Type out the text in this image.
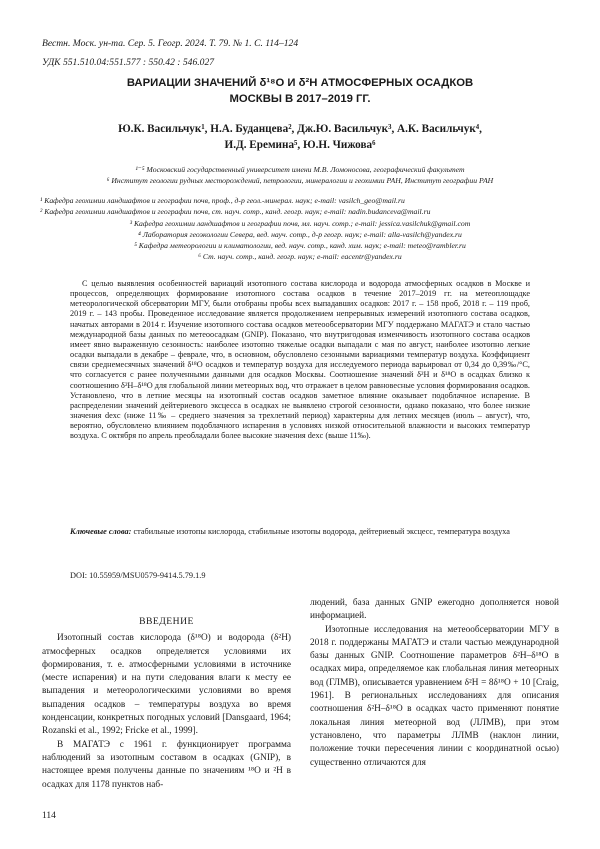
Вестн. Моск. ун-та. Сер. 5. Геогр. 2024. Т. 79. № 1. С. 114–124
УДК 551.510.04:551.577 : 550.42 : 546.027
ВАРИАЦИИ ЗНАЧЕНИЙ δ¹⁸O И δ²H АТМОСФЕРНЫХ ОСАДКОВ
МОСКВЫ В 2017–2019 ГГ.
Ю.К. Васильчук¹, Н.А. Буданцева², Дж.Ю. Васильчук³, А.К. Васильчук⁴,
И.Д. Еремина⁵, Ю.Н. Чижова⁶
¹⁻⁵ Московский государственный университет имени М.В. Ломоносова, географический факультет
⁶ Институт геологии рудных месторождений, петрологии, минералогии и геохимии РАН, Институт географии РАН
¹ Кафедра геохимии ландшафтов и географии почв, проф., д-р геол.-минерал. наук; e-mail: vasilch_geo@mail.ru
² Кафедра геохимии ландшафтов и географии почв, ст. науч. сотр., канд. геогр. наук; e-mail: nadin.budanceva@mail.ru
³ Кафедра геохимии ландшафтов и географии почв, мл. науч. сотр.; e-mail: jessica.vasilchuk@gmail.com
⁴ Лаборатория геоэкологии Севера, вед. науч. сотр., д-р геогр. наук; e-mail: alla-vasilch@yandex.ru
⁵ Кафедра метеорологии и климатологии, вед. науч. сотр., канд. хим. наук; e-mail: meteo@rambler.ru
⁶ Ст. науч. сотр., канд. геогр. наук; e-mail: eacentr@yandex.ru

С целью выявления особенностей вариаций изотопного состава кислорода и водорода атмосферных осадков в Москве и процессов, определяющих формирование изотопного состава осадков в течение 2017–2019 гг. на метеоплощадке метеорологической обсерватории МГУ, были отобраны пробы всех выпадавших осадков: 2017 г. – 158 проб, 2018 г. – 119 проб, 2019 г. – 143 пробы. Проведенное исследование является продолжением непрерывных измерений изотопного состава осадков, начатых авторами в 2014 г. Изучение изотопного состава осадков метеообсерватории МГУ поддержано МАГАТЭ и стало частью международной базы данных по метеоосадкам (GNIP). Показано, что внутригодовая изменчивость изотопного состава осадков имеет явно выраженную сезонность: наиболее изотопно тяжелые осадки выпадали с мая по август, наиболее изотопно легкие осадки выпадали в декабре – феврале, что, в основном, обусловлено сезонными вариациями температур воздуха. Коэффициент связи среднемесячных значений δ¹⁸O осадков и температур воздуха для исследуемого периода варьировал от 0,34 до 0,39‰/°С, что согласуется с ранее полученными данными для осадков Москвы. Соотношение значений δ²H и δ¹⁸O в осадках близко к соотношению δ²H–δ¹⁸O для глобальной линии метеорных вод, что отражает в целом равновесные условия формирования осадков. Установлено, что в летние месяцы на изотопный состав осадков заметное влияние оказывает подоблачное испарение. В распределении значений дейтериевого эксцесса в осадках не выявлено строгой сезонности, однако показано, что более низкие значения dexc (ниже 11‰ – среднего значения за трехлетний период) характерны для летних месяцев (июль – август), что, вероятно, обусловлено влиянием подоблачного испарения в условиях низкой относительной влажности и высоких температур воздуха. С октября по апрель преобладали более высокие значения dexc (выше 11‰).

Ключевые слова: стабильные изотопы кислорода, стабильные изотопы водорода, дейтериевый эксцесс, температура воздуха

DOI: 10.55959/MSU0579-9414.5.79.1.9
ВВЕДЕНИЕ

Изотопный состав кислорода (δ¹⁸O) и водорода (δ²H) атмосферных осадков определяется условиями их формирования, т. е. атмосферными условиями в источнике (месте испарения) и на пути следования влаги к месту ее выпадения и метеорологическими условиями во время выпадения осадков – температуры воздуха во время конденсации, конкретных погодных условий [Dansgaard, 1964; Rozanski et al., 1992; Fricke et al., 1999].

В МАГАТЭ с 1961 г. функционирует программа наблюдений за изотопным составом в осадках (GNIP), в настоящее время получены данные по значениям ¹⁸O и ²H в осадках для 1178 пунктов наб-

людений, база данных GNIP ежегодно дополняется новой информацией.

Изотопные исследования на метеообсерватории МГУ в 2018 г. поддержаны МАГАТЭ и стали частью международной базы данных GNIP. Соотношение параметров δ²H–δ¹⁸O в осадках мира, определяемое как глобальная линия метеорных вод (ГЛМВ), описывается уравнением δ²H = 8δ¹⁸O + 10 [Craig, 1961]. В региональных исследованиях для описания соотношения δ²H–δ¹⁸O в осадках часто применяют понятие локальная линия метеорной вод (ЛЛМВ), при этом установлено, что параметры ЛЛМВ (наклон линии, положение точки пересечения линии с координатной осью) существенно отличаются для

114
